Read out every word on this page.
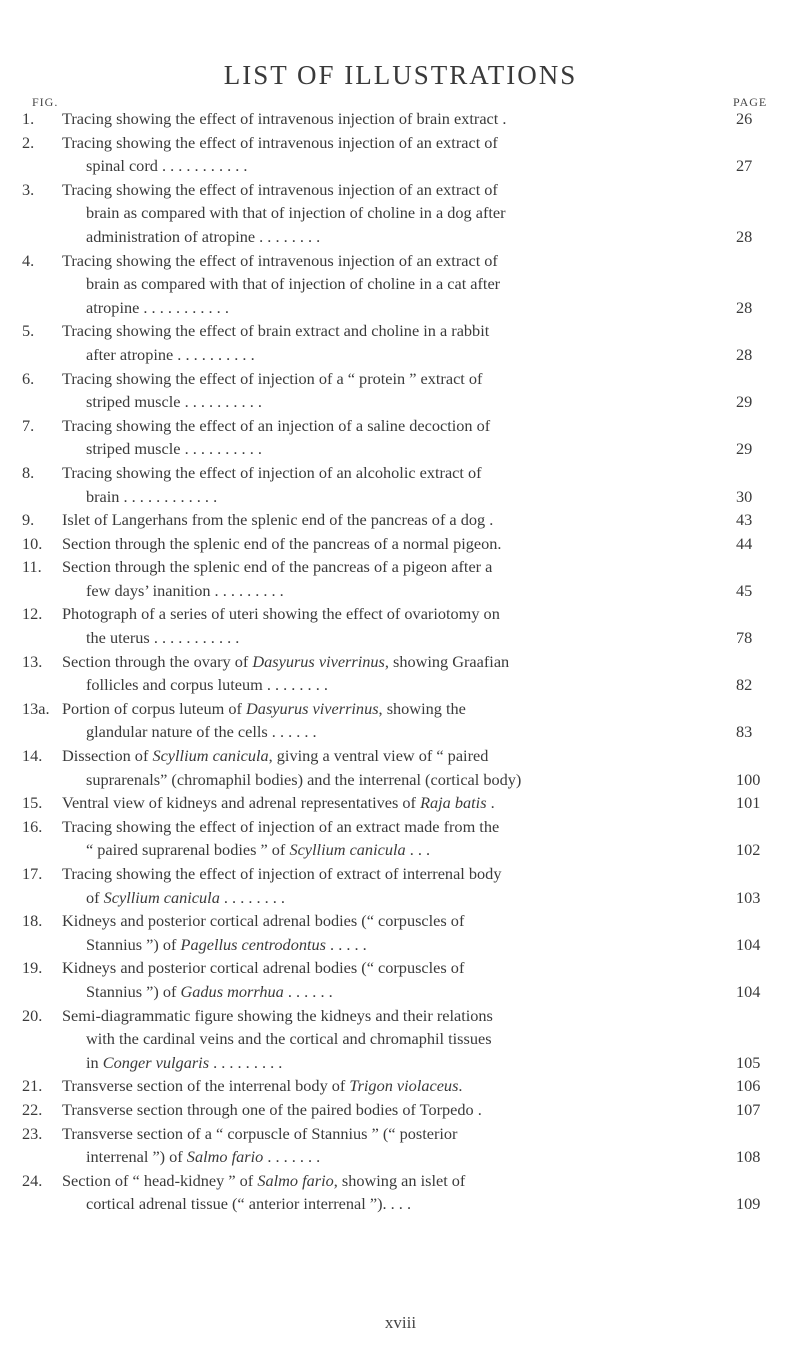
LIST OF ILLUSTRATIONS
FIG.	PAGE
1.	Tracing showing the effect of intravenous injection of brain extract .	26
2.	Tracing showing the effect of intravenous injection of an extract of
spinal cord . . . . . . . . . . .	27
3.	Tracing showing the effect of intravenous injection of an extract of
brain as compared with that of injection of choline in a dog after
administration of atropine . . . . . . . .	28
4.	Tracing showing the effect of intravenous injection of an extract of
brain as compared with that of injection of choline in a cat after
atropine . . . . . . . . . . .	28
5.	Tracing showing the effect of brain extract and choline in a rabbit
after atropine . . . . . . . . . .	28
6.	Tracing showing the effect of injection of a “ protein ” extract of
striped muscle . . . . . . . . . .	29
7.	Tracing showing the effect of an injection of a saline decoction of
striped muscle . . . . . . . . . .	29
8.	Tracing showing the effect of injection of an alcoholic extract of
brain . . . . . . . . . . . .	30
9.	Islet of Langerhans from the splenic end of the pancreas of a dog .	43
10.	Section through the splenic end of the pancreas of a normal pigeon.	44
11.	Section through the splenic end of the pancreas of a pigeon after a
few days’ inanition . . . . . . . . .	45
12.	Photograph of a series of uteri showing the effect of ovariotomy on
the uterus . . . . . . . . . . .	78
13.	Section through the ovary of Dasyurus viverrinus, showing Graafian
follicles and corpus luteum . . . . . . . .	82
13a. Portion of corpus luteum of Dasyurus viverrinus, showing the
glandular nature of the cells . . . . . .	83
14.	Dissection of Scyllium canicula, giving a ventral view of “ paired
suprarenals” (chromaphil bodies) and the interrenal (cortical body)	100
15.	Ventral view of kidneys and adrenal representatives of Raja batis .	101
16.	Tracing showing the effect of injection of an extract made from the
“ paired suprarenal bodies ” of Scyllium canicula . . .	102
17.	Tracing showing the effect of injection of extract of interrenal body
of Scyllium canicula . . . . . . . .	103
18.	Kidneys and posterior cortical adrenal bodies (“ corpuscles of
Stannius ”) of Pagellus centrodontus . . . . .	104
19.	Kidneys and posterior cortical adrenal bodies (“ corpuscles of
Stannius ”) of Gadus morrhua . . . . . .	104
20.	Semi-diagrammatic figure showing the kidneys and their relations
with the cardinal veins and the cortical and chromaphil tissues
in Conger vulgaris . . . . . . . . .	105
21.	Transverse section of the interrenal body of Trigon violaceus.	106
22.	Transverse section through one of the paired bodies of Torpedo .	107
23.	Transverse section of a “ corpuscle of Stannius ” (“ posterior
interrenal ”) of Salmo fario . . . . . . .	108
24.	Section of “ head-kidney ” of Salmo fario, showing an islet of
cortical adrenal tissue (“ anterior interrenal ”). . . .	109
xviii
